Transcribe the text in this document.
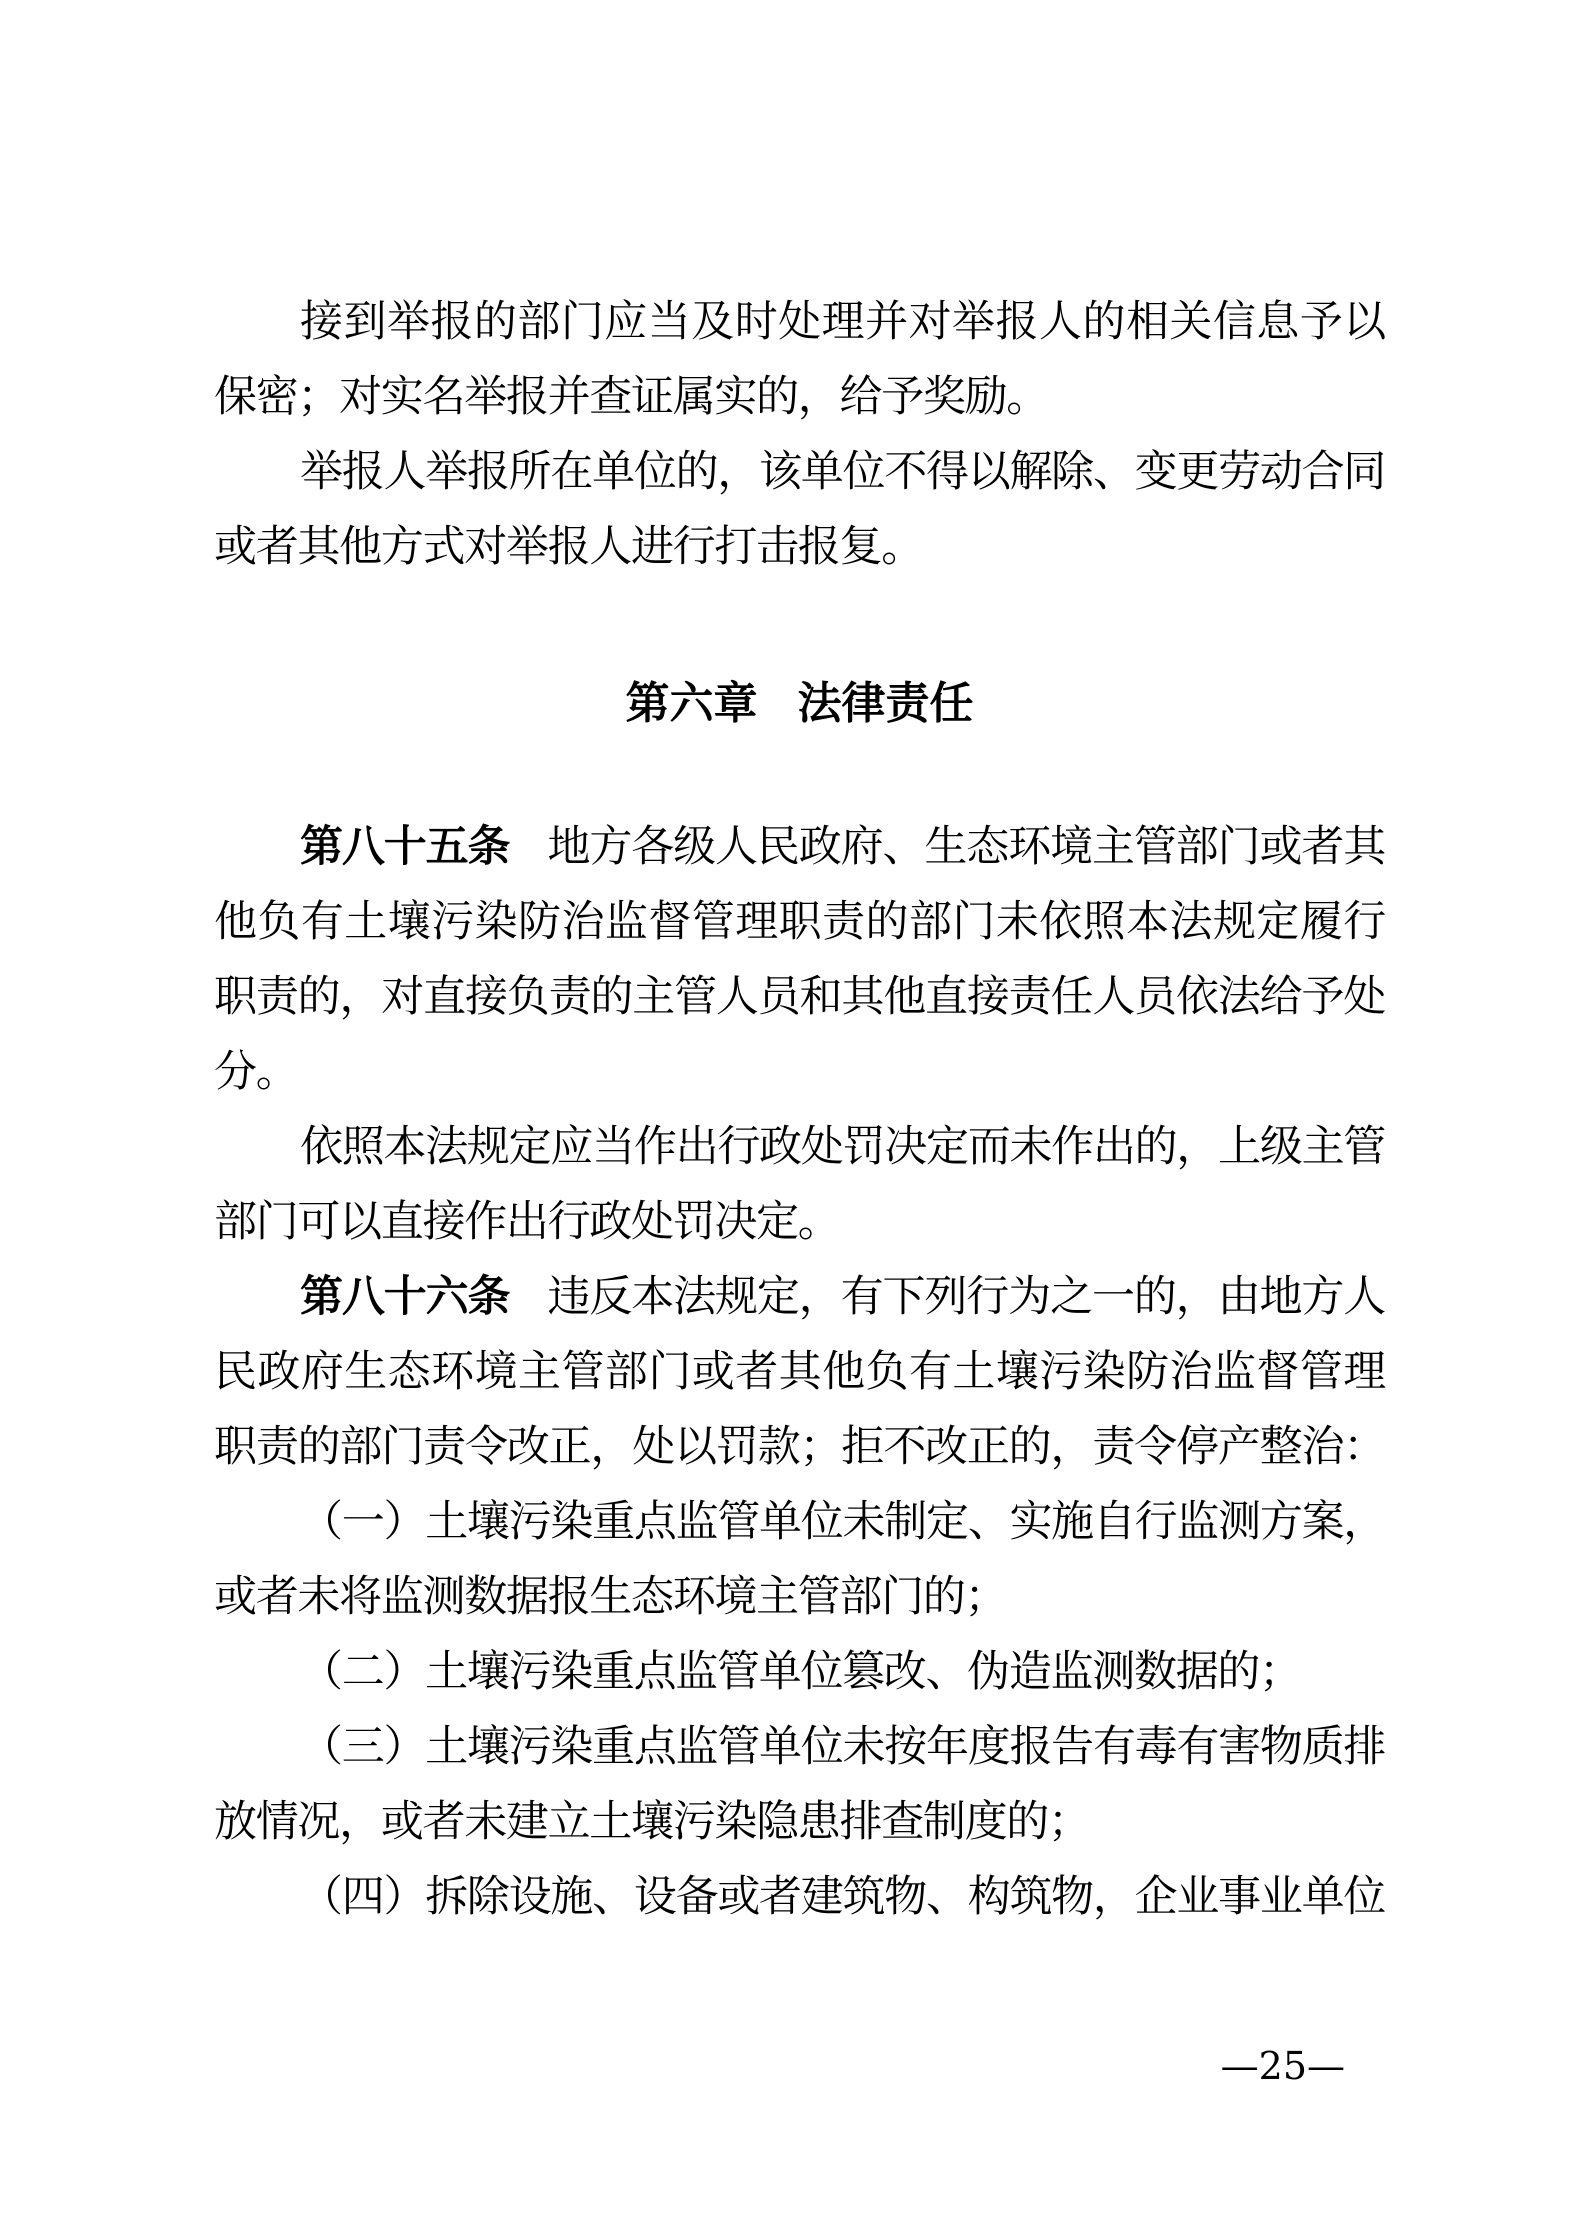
接到举报的部门应当及时处理并对举报人的相关信息予以
保密；对实名举报并查证属实的，给予奖励。
举报人举报所在单位的，该单位不得以解除、变更劳动合同
或者其他方式对举报人进行打击报复。
第六章 法律责任
第八十五条 地方各级人民政府、生态环境主管部门或者其
他负有土壤污染防治监督管理职责的部门未依照本法规定履行
职责的，对直接负责的主管人员和其他直接责任人员依法给予处
分。
依照本法规定应当作出行政处罚决定而未作出的，上级主管
部门可以直接作出行政处罚决定。
第八十六条 违反本法规定，有下列行为之一的，由地方人
民政府生态环境主管部门或者其他负有土壤污染防治监督管理
职责的部门责令改正，处以罚款；拒不改正的，责令停产整治：
（一）土壤污染重点监管单位未制定、实施自行监测方案，
或者未将监测数据报生态环境主管部门的；
（二）土壤污染重点监管单位篡改、伪造监测数据的；
（三）土壤污染重点监管单位未按年度报告有毒有害物质排
放情况，或者未建立土壤污染隐患排查制度的；
（四）拆除设施、设备或者建筑物、构筑物，企业事业单位
—25—
